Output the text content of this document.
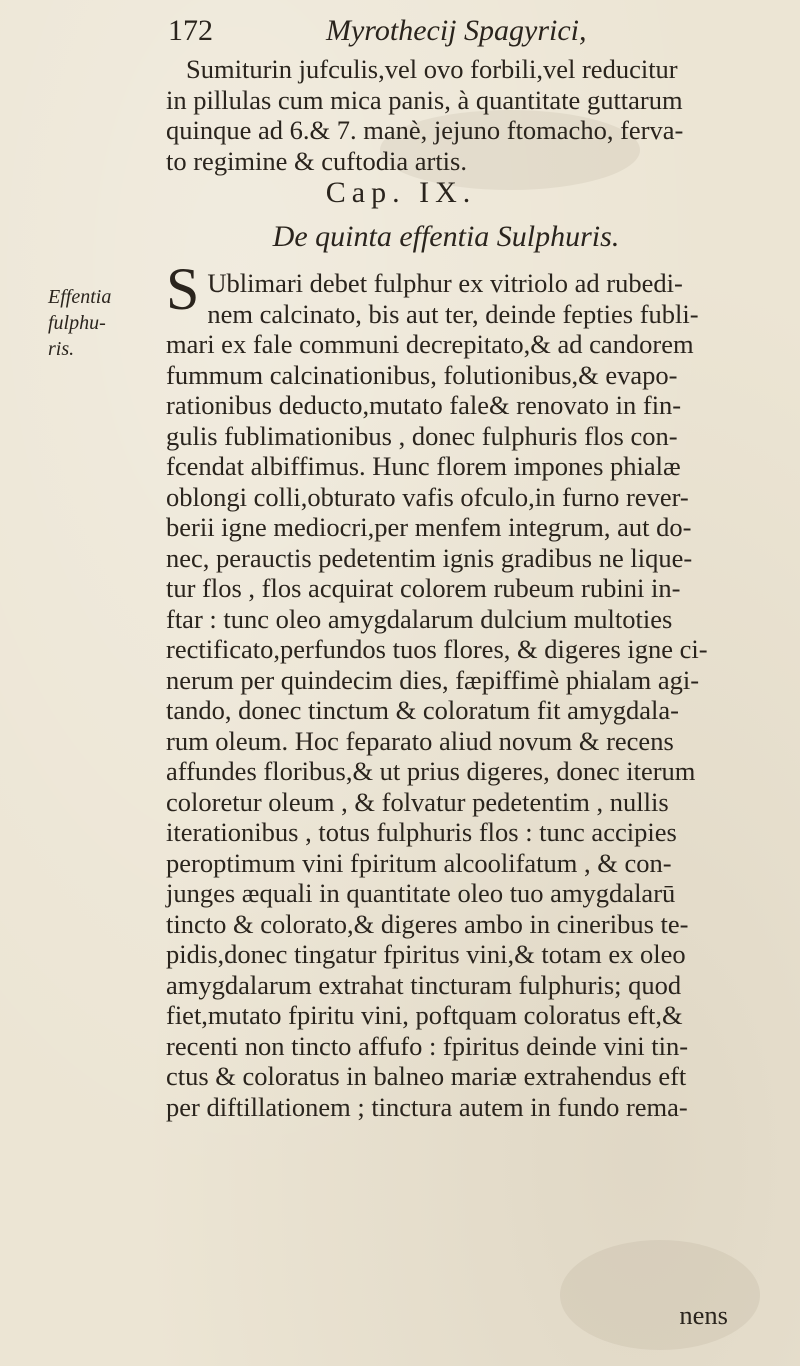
172	Myrothecij Spagyrici,
Sumiturin jufculis,vel ovo forbili,vel reducitur
in pillulas cum mica panis, à quantitate guttarum
quinque ad 6.& 7. manè, jejuno ftomacho, ferva-
to regimine & cuftodia artis.
Cap. IX.
De quinta effentia Sulphuris.
Effentia
fulphu-
ris.
S Ublimari debet fulphur ex vitriolo ad rubedi-
nem calcinato, bis aut ter, deinde fepties fubli-
mari ex fale communi decrepitato,& ad candorem
fummum calcinationibus, folutionibus,& evapo-
rationibus deducto,mutato fale& renovato in fin-
gulis fublimationibus , donec fulphuris flos con-
fcendat albiffimus. Hunc florem impones phialæ
oblongi colli,obturato vafis ofculo,in furno rever-
berii igne mediocri,per menfem integrum, aut do-
nec, perauctis pedetentim ignis gradibus ne lique-
tur flos , flos acquirat colorem rubeum rubini in-
ftar : tunc oleo amygdalarum dulcium multoties
rectificato,perfundos tuos flores, & digeres igne ci-
nerum per quindecim dies, fæpiffimè phialam agi-
tando, donec tinctum & coloratum fit amygdala-
rum oleum. Hoc feparato aliud novum & recens
affundes floribus,& ut prius digeres, donec iterum
coloretur oleum , & folvatur pedetentim , nullis
iterationibus , totus fulphuris flos : tunc accipies
peroptimum vini fpiritum alcoolifatum , & con-
junges æquali in quantitate oleo tuo amygdalarū
tincto & colorato,& digeres ambo in cineribus te-
pidis,donec tingatur fpiritus vini,& totam ex oleo
amygdalarum extrahat tincturam fulphuris; quod
fiet,mutato fpiritu vini, poftquam coloratus eft,&
recenti non tincto affufo : fpiritus deinde vini tin-
ctus & coloratus in balneo mariæ extrahendus eft
per diftillationem ; tinctura autem in fundo rema-
nens
